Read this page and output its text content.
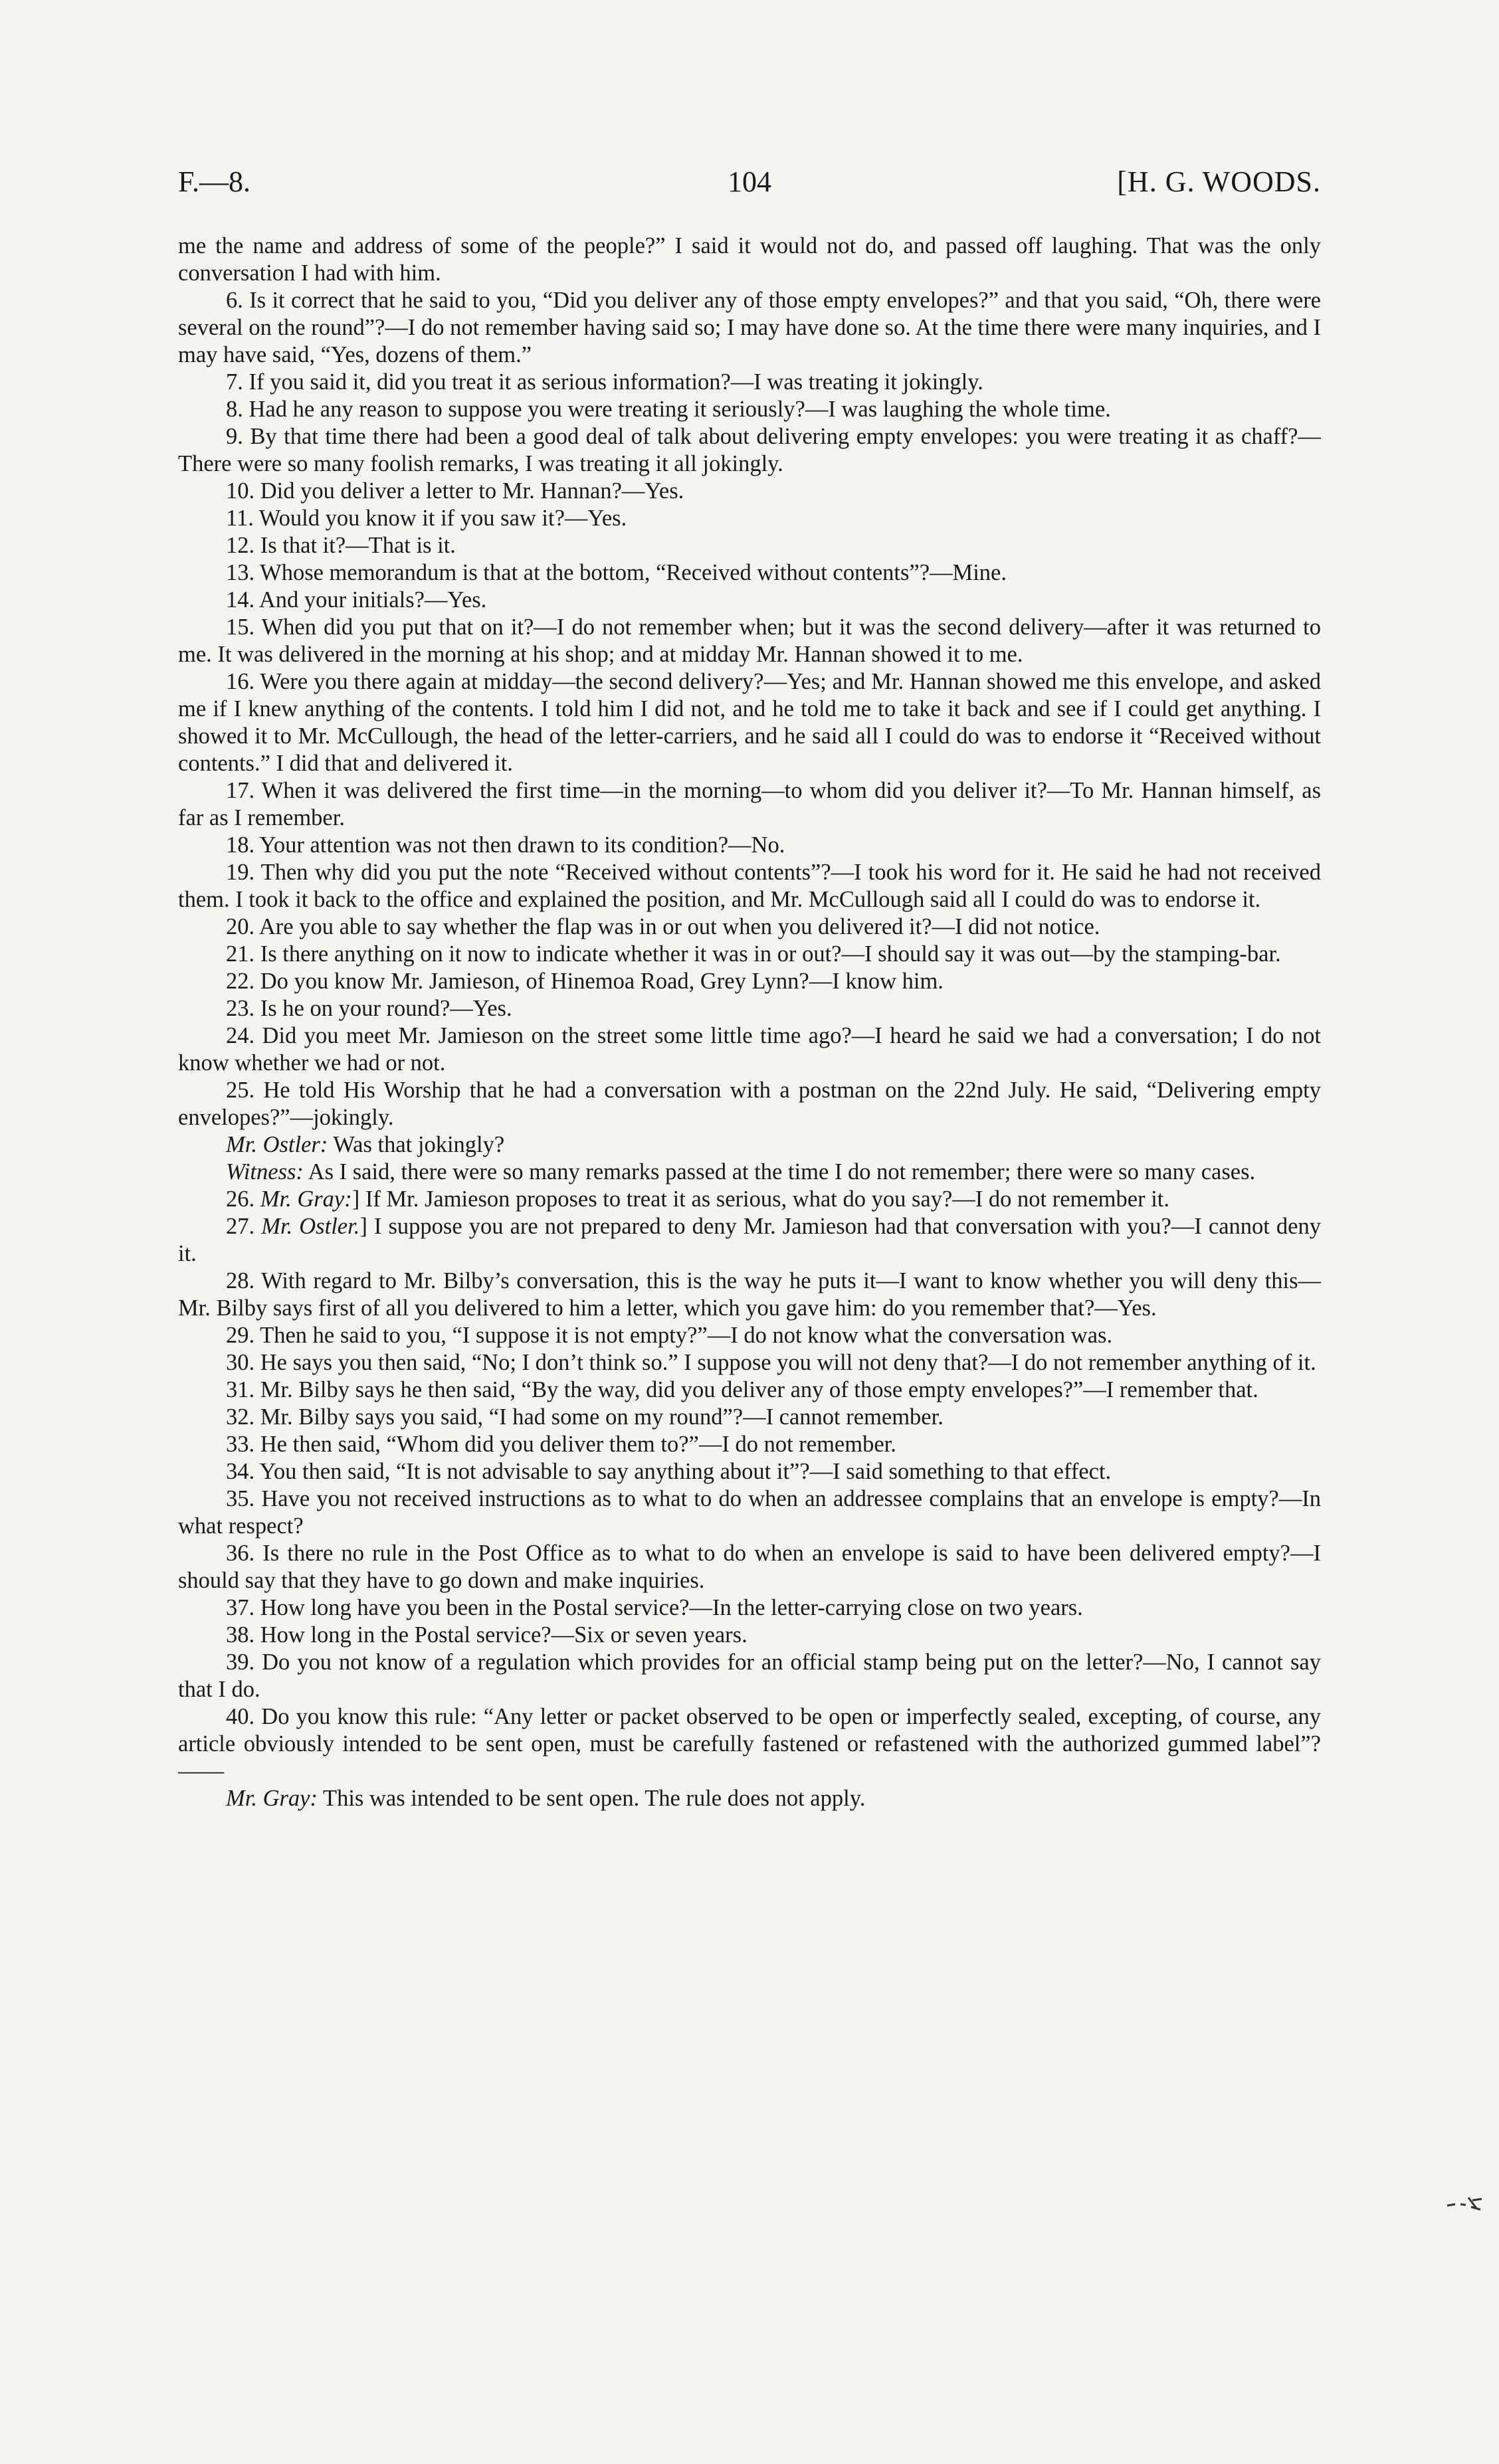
F.—8.	104	[H. G. WOODS.

me the name and address of some of the people?” I said it would not do, and passed off laughing. That was the only conversation I had with him.

6. Is it correct that he said to you, “Did you deliver any of those empty envelopes?” and that you said, “Oh, there were several on the round”?—I do not remember having said so; I may have done so. At the time there were many inquiries, and I may have said, “Yes, dozens of them.”

7. If you said it, did you treat it as serious information?—I was treating it jokingly.

8. Had he any reason to suppose you were treating it seriously?—I was laughing the whole time.

9. By that time there had been a good deal of talk about delivering empty envelopes: you were treating it as chaff?—There were so many foolish remarks, I was treating it all jokingly.

10. Did you deliver a letter to Mr. Hannan?—Yes.

11. Would you know it if you saw it?—Yes.

12. Is that it?—That is it.

13. Whose memorandum is that at the bottom, “Received without contents”?—Mine.

14. And your initials?—Yes.

15. When did you put that on it?—I do not remember when; but it was the second delivery—after it was returned to me. It was delivered in the morning at his shop; and at midday Mr. Hannan showed it to me.

16. Were you there again at midday—the second delivery?—Yes; and Mr. Hannan showed me this envelope, and asked me if I knew anything of the contents. I told him I did not, and he told me to take it back and see if I could get anything. I showed it to Mr. McCullough, the head of the letter-carriers, and he said all I could do was to endorse it “Received without contents.” I did that and delivered it.

17. When it was delivered the first time—in the morning—to whom did you deliver it?—To Mr. Hannan himself, as far as I remember.

18. Your attention was not then drawn to its condition?—No.

19. Then why did you put the note “Received without contents”?—I took his word for it. He said he had not received them. I took it back to the office and explained the position, and Mr. McCullough said all I could do was to endorse it.

20. Are you able to say whether the flap was in or out when you delivered it?—I did not notice.

21. Is there anything on it now to indicate whether it was in or out?—I should say it was out—by the stamping-bar.

22. Do you know Mr. Jamieson, of Hinemoa Road, Grey Lynn?—I know him.

23. Is he on your round?—Yes.

24. Did you meet Mr. Jamieson on the street some little time ago?—I heard he said we had a conversation; I do not know whether we had or not.

25. He told His Worship that he had a conversation with a postman on the 22nd July. He said, “Delivering empty envelopes?”—jokingly.

Mr. Ostler: Was that jokingly?

Witness: As I said, there were so many remarks passed at the time I do not remember; there were so many cases.

26. Mr. Gray:] If Mr. Jamieson proposes to treat it as serious, what do you say?—I do not remember it.

27. Mr. Ostler.] I suppose you are not prepared to deny Mr. Jamieson had that conversation with you?—I cannot deny it.

28. With regard to Mr. Bilby’s conversation, this is the way he puts it—I want to know whether you will deny this—Mr. Bilby says first of all you delivered to him a letter, which you gave him: do you remember that?—Yes.

29. Then he said to you, “I suppose it is not empty?”—I do not know what the conversation was.

30. He says you then said, “No; I don’t think so.” I suppose you will not deny that?—I do not remember anything of it.

31. Mr. Bilby says he then said, “By the way, did you deliver any of those empty envelopes?”—I remember that.

32. Mr. Bilby says you said, “I had some on my round”?—I cannot remember.

33. He then said, “Whom did you deliver them to?”—I do not remember.

34. You then said, “It is not advisable to say anything about it”?—I said something to that effect.

35. Have you not received instructions as to what to do when an addressee complains that an envelope is empty?—In what respect?

36. Is there no rule in the Post Office as to what to do when an envelope is said to have been delivered empty?—I should say that they have to go down and make inquiries.

37. How long have you been in the Postal service?—In the letter-carrying close on two years.

38. How long in the Postal service?—Six or seven years.

39. Do you not know of a regulation which provides for an official stamp being put on the letter?—No, I cannot say that I do.

40. Do you know this rule: “Any letter or packet observed to be open or imperfectly sealed, excepting, of course, any article obviously intended to be sent open, must be carefully fastened or refastened with the authorized gummed label”?——

Mr. Gray: This was intended to be sent open. The rule does not apply.
